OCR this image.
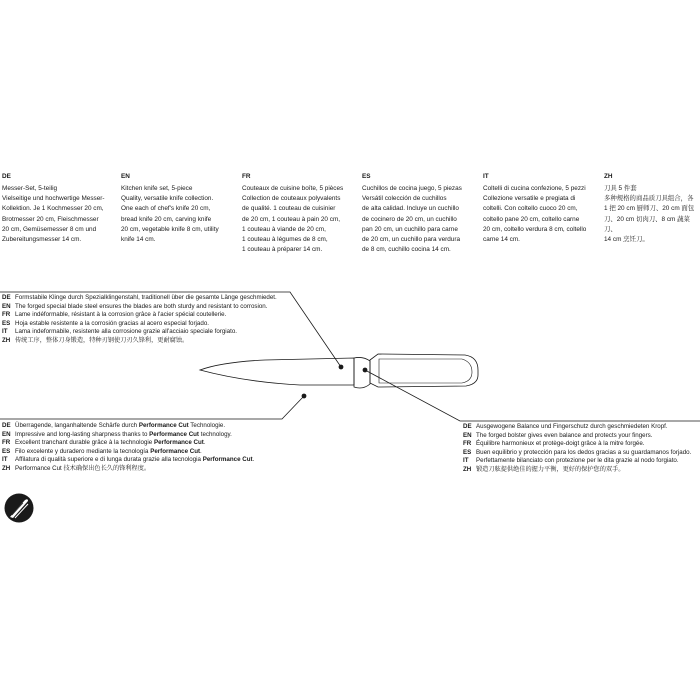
DE
Messer-Set, 5-teilig
Vielseitige und hochwertige Messer-
Kollektion. Je 1 Kochmesser 20 cm,
Brotmesser 20 cm, Fleischmesser
20 cm, Gemüsemesser 8 cm und
Zubereitungsmesser 14 cm.
EN
Kitchen knife set, 5-piece
Quality, versatile knife collection.
One each of chef's knife 20 cm,
bread knife 20 cm, carving knife
20 cm, vegetable knife 8 cm, utility
knife 14 cm.
FR
Couteaux de cuisine boîte, 5 pièces
Collection de couteaux polyvalents
de qualité. 1 couteau de cuisinier
de 20 cm, 1 couteau à pain 20 cm,
1 couteau à viande de 20 cm,
1 couteau à légumes de 8 cm,
1 couteau à préparer 14 cm.
ES
Cuchillos de cocina juego, 5 piezas
Versátil colección de cuchillos
de alta calidad. Incluye un cuchillo
de cocinero de 20 cm, un cuchillo
pan 20 cm, un cuchillo para carne
de 20 cm, un cuchillo para verdura
de 8 cm, cuchillo cocina 14 cm.
IT
Coltelli di cucina confezione, 5 pezzi
Collezione versatile e pregiata di
coltelli. Con coltello cuoco 20 cm,
coltello pane 20 cm, coltello carne
20 cm, coltello verdura 8 cm, coltello
carne 14 cm.
ZH
刀具 5 件套
多种规格的商品质刀具组合，各
1 把 20 cm 厨师刀、20 cm 面包
刀、20 cm 切肉刀、8 cm 蔬菜刀、
14 cm 烹饪刀。
DE Formstabile Klinge durch Spezialklingenstahl, traditionell über die gesamte Länge geschmiedet.
EN The forged special blade steel ensures the blades are both sturdy and resistant to corrosion.
FR Lame indéformable, résistant à la corrosion grâce à l'acier spécial coutellerie.
ES Hoja estable resistente a la corrosión gracias al acero especial forjado.
IT Lama indeformabile, resistente alla corrosione grazie all'acciaio speciale forgiato.
ZH 传统工序，整体刀身锻造，特种刃钢使刀刃久锋利，更耐腐蚀。
DE Überragende, langanhaltende Schärfe durch Performance Cut Technologie.
EN Impressive and long-lasting sharpness thanks to Performance Cut technology.
FR Excellent tranchant durable grâce à la technologie Performance Cut.
ES Filo excelente y duradero mediante la tecnología Performance Cut.
IT Affilatura di qualità superiore e di lunga durata grazie alla tecnologia Performance Cut.
ZH Performance Cut 技术确保出色长久的锋利程度。
DE Ausgewogene Balance und Fingerschutz durch geschmiedeten Kropf.
EN The forged bolster gives even balance and protects your fingers.
FR Équilibre harmonieux et protège-doigt grâce à la mitre forgée.
ES Buen equilibrio y protección para los dedos gracias a su guardamanos forjado.
IT Perfettamente bilanciato con protezione per le dita grazie al nodo forgiato.
ZH 锻造刀舷提供绝佳的握力平衡，更好的保护您的双手。
